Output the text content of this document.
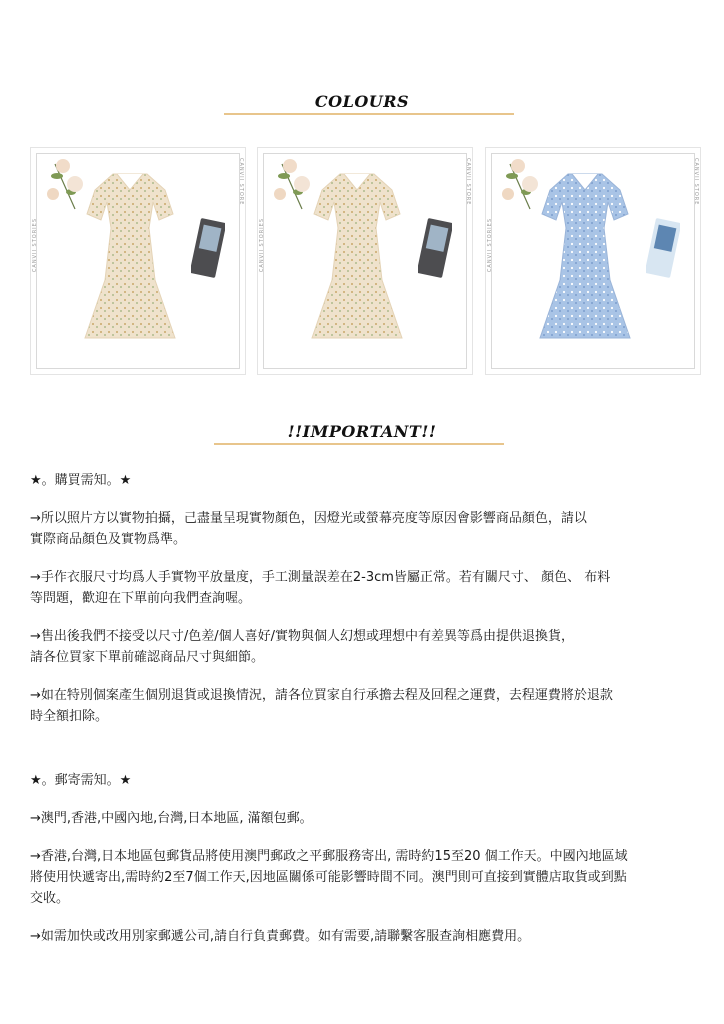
COLOURS
CANVII STORIES
CANVII STORE
CANVII STORIES
CANVII STORE
CANVII STORIES
CANVII STORE
!!IMPORTANT!!

★。購買需知。★

→所以照片方以實物拍攝，己盡量呈現實物顏色，因燈光或螢幕亮度等原因會影響商品顏色，請以
實際商品顏色及實物爲準。

→手作衣服尺寸均爲人手實物平放量度，手工測量誤差在2-3cm皆屬正常。若有關尺寸、 顏色、 布料
等問題，歡迎在下單前向我們查詢喔。

→售出後我們不接受以尺寸/色差/個人喜好/實物與個人幻想或理想中有差異等爲由提供退換貨，
請各位買家下單前確認商品尺寸與細節。

→如在特別個案產生個別退貨或退換情況，請各位買家自行承擔去程及回程之運費，去程運費將於退款
時全額扣除。

★。郵寄需知。★

→澳門,香港,中國內地,台灣,日本地區, 滿額包郵。

→香港,台灣,日本地區包郵貨品將使用澳門郵政之平郵服務寄出, 需時約15至20 個工作天。中國內地區域
將使用快遞寄出,需時約2至7個工作天,因地區關係可能影響時間不同。澳門則可直接到實體店取貨或到點
交收。

→如需加快或改用別家郵遞公司,請自行負責郵費。如有需要,請聯繫客服查詢相應費用。
